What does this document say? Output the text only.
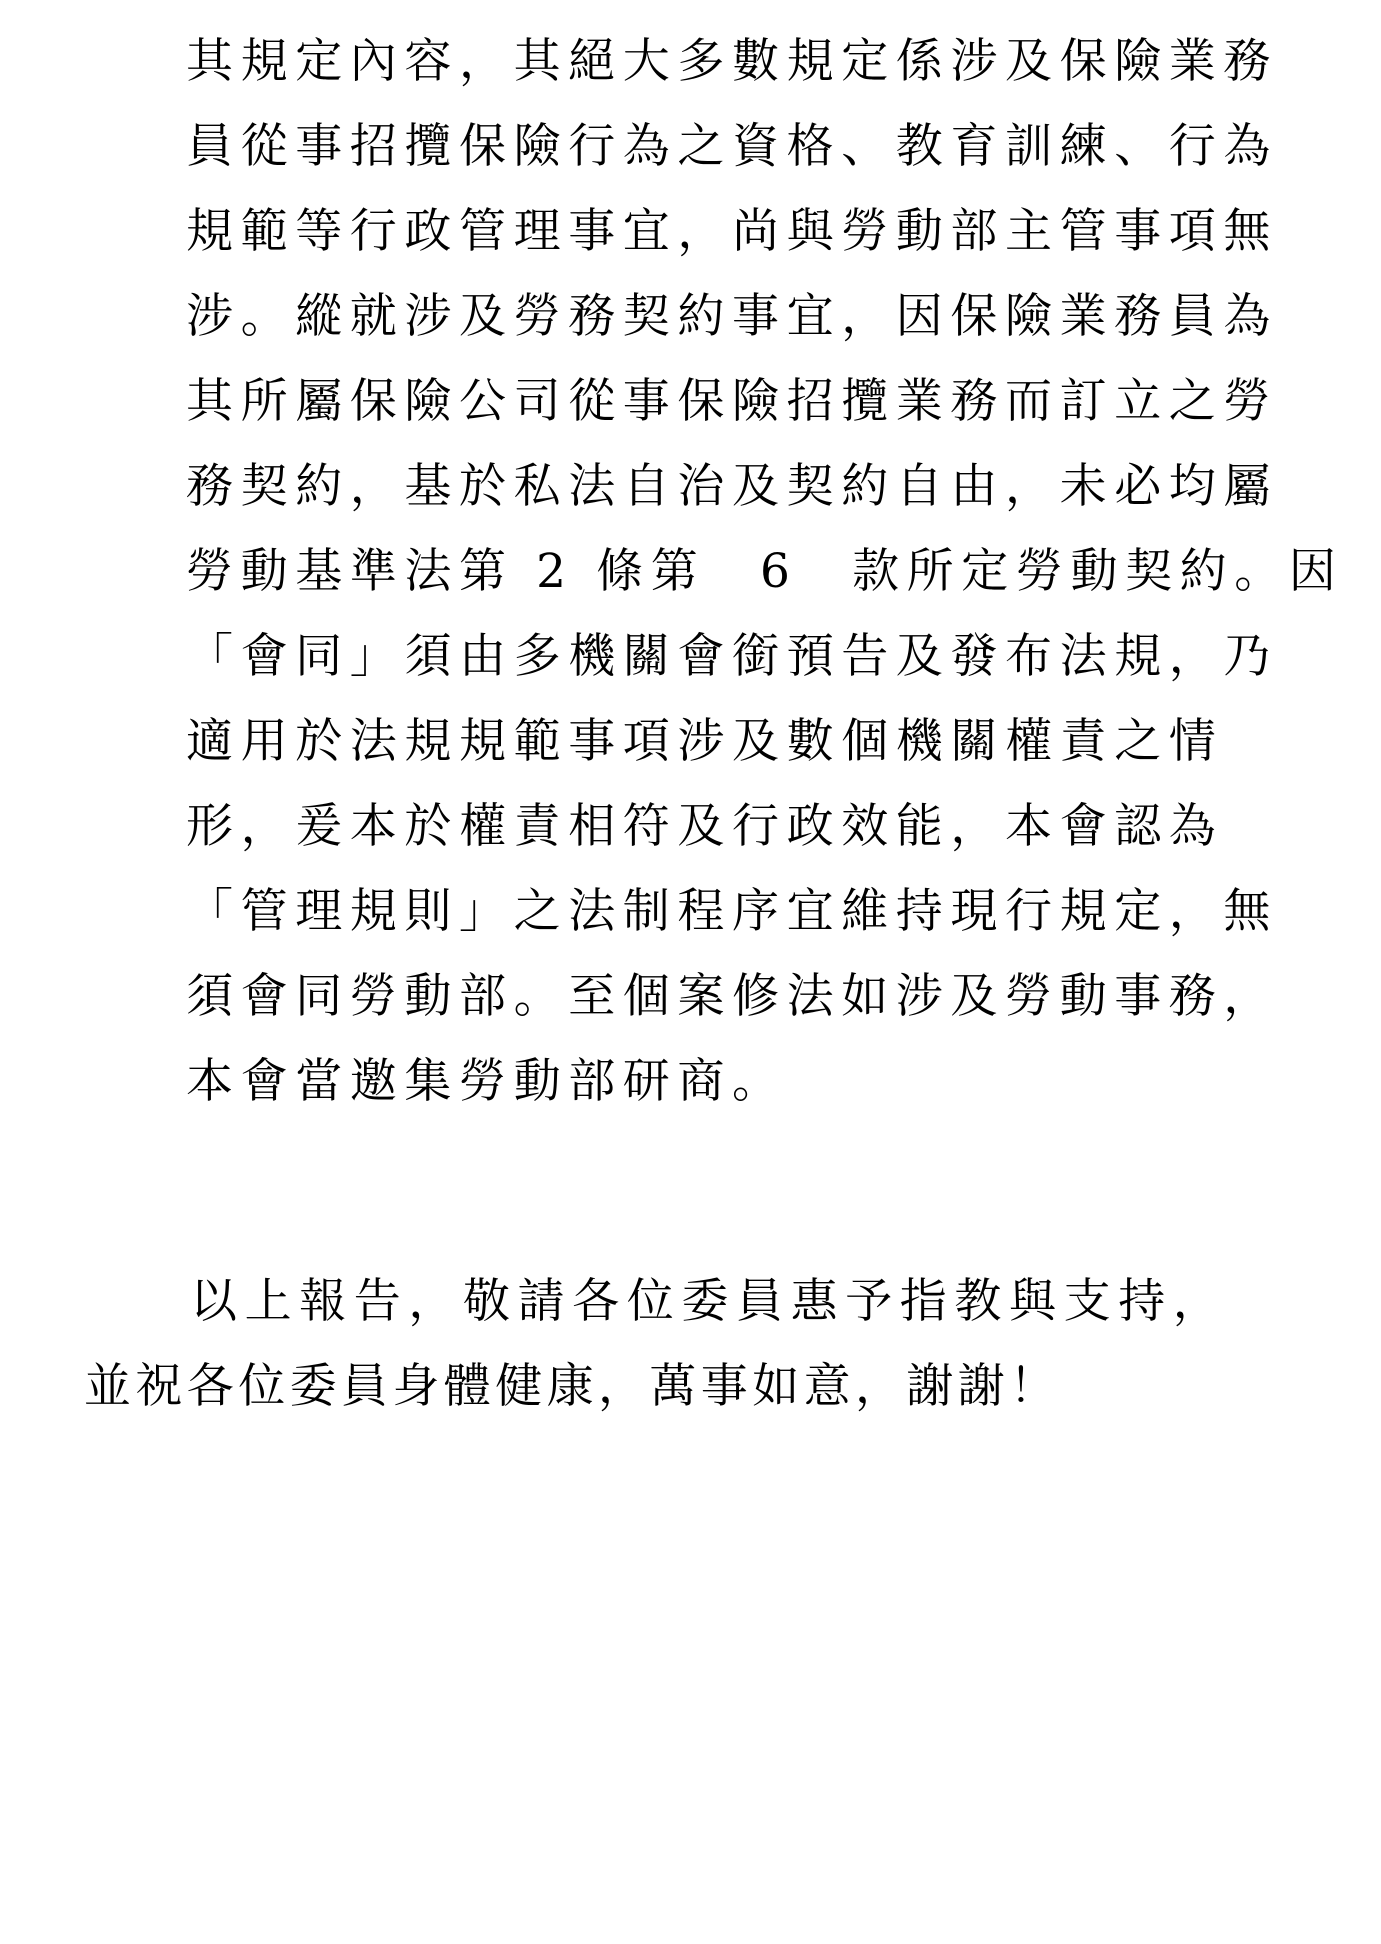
其規定內容，其絕大多數規定係涉及保險業務

員從事招攬保險行為之資格、教育訓練、行為

規範等行政管理事宜，尚與勞動部主管事項無

涉。縱就涉及勞務契約事宜，因保險業務員為

其所屬保險公司從事保險招攬業務而訂立之勞

務契約，基於私法自治及契約自由，未必均屬

勞動基準法第 2 條第　6　款所定勞動契約。因

「會同」須由多機關會銜預告及發布法規，乃

適用於法規規範事項涉及數個機關權責之情

形，爰本於權責相符及行政效能，本會認為

「管理規則」之法制程序宜維持現行規定，無

須會同勞動部。至個案修法如涉及勞動事務，

本會當邀集勞動部研商。

以上報告，敬請各位委員惠予指教與支持，

並祝各位委員身體健康，萬事如意，謝謝！
